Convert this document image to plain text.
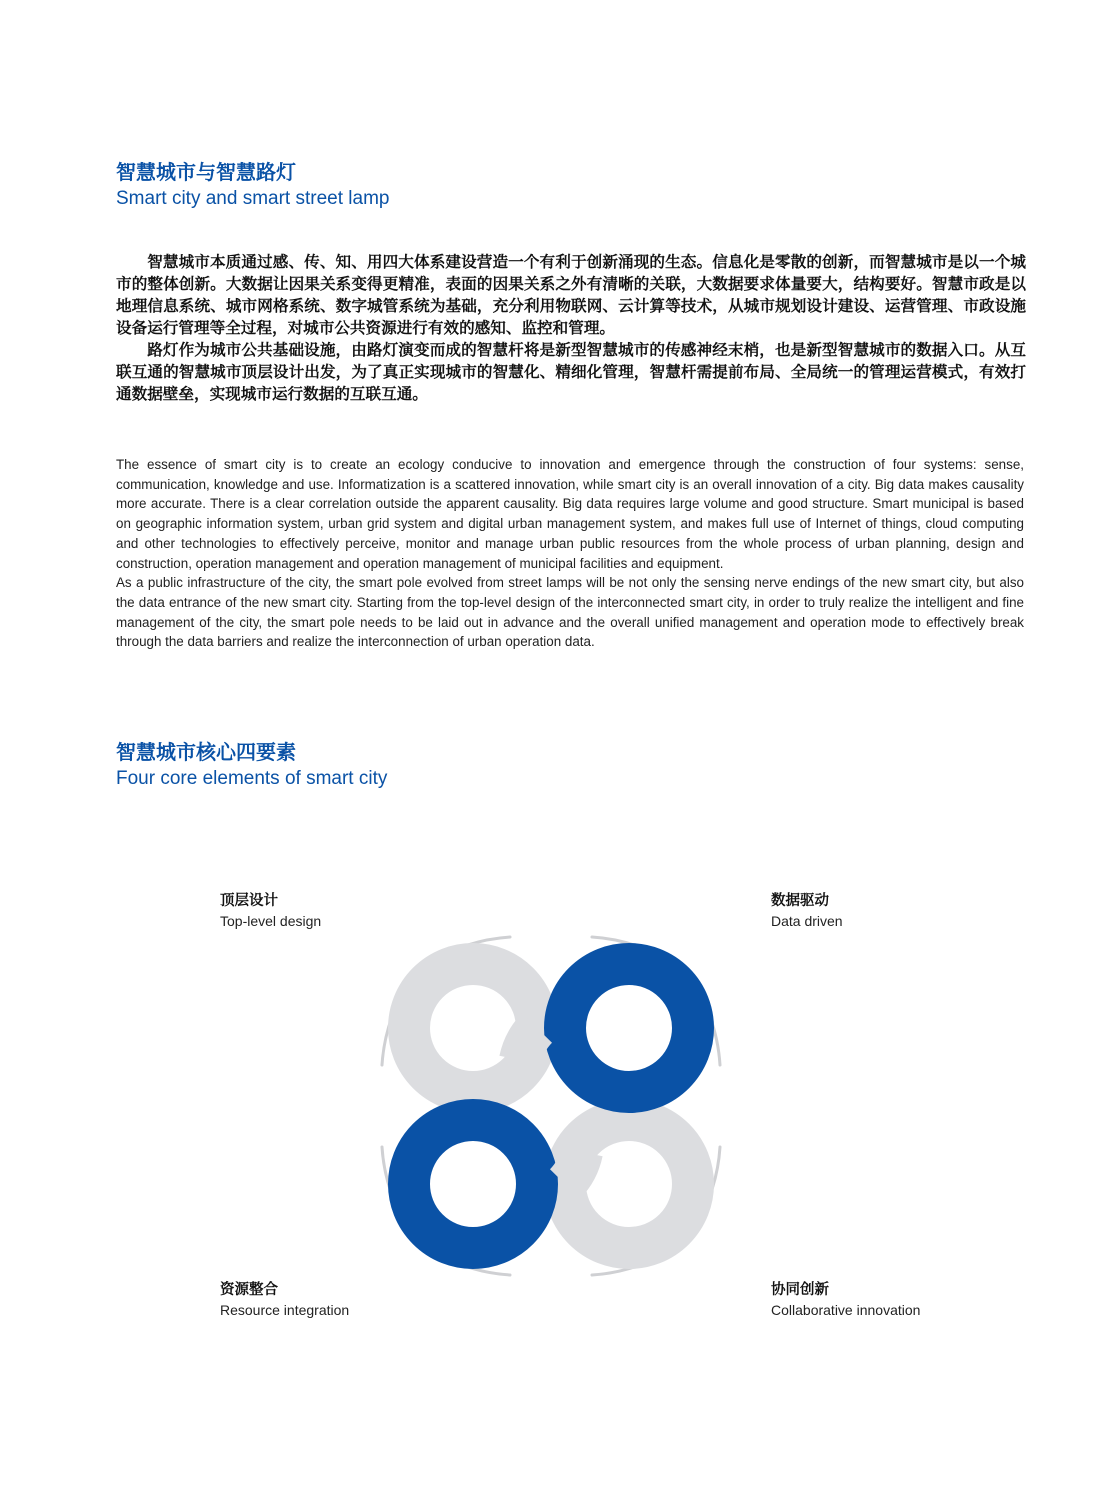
智慧城市与智慧路灯
Smart city and smart street lamp

智慧城市本质通过感、传、知、用四大体系建设营造一个有利于创新涌现的生态。信息化是零散的创新，而智慧城市是以一个城市的整体创新。大数据让因果关系变得更精准，表面的因果关系之外有清晰的关联，大数据要求体量要大，结构要好。智慧市政是以地理信息系统、城市网格系统、数字城管系统为基础，充分利用物联网、云计算等技术，从城市规划设计建设、运营管理、市政设施设备运行管理等全过程，对城市公共资源进行有效的感知、监控和管理。

路灯作为城市公共基础设施，由路灯演变而成的智慧杆将是新型智慧城市的传感神经末梢，也是新型智慧城市的数据入口。从互联互通的智慧城市顶层设计出发，为了真正实现城市的智慧化、精细化管理，智慧杆需提前布局、全局统一的管理运营模式，有效打通数据壁垒，实现城市运行数据的互联互通。

The essence of smart city is to create an ecology conducive to innovation and emergence through the construction of four systems: sense, communication, knowledge and use. Informatization is a scattered innovation, while smart city is an overall innovation of a city. Big data makes causality more accurate. There is a clear correlation outside the apparent causality. Big data requires large volume and good structure. Smart municipal is based on geographic information system, urban grid system and digital urban management system, and makes full use of Internet of things, cloud computing and other technologies to effectively perceive, monitor and manage urban public resources from the whole process of urban planning, design and construction, operation management and operation management of municipal facilities and equipment.

As a public infrastructure of the city, the smart pole evolved from street lamps will be not only the sensing nerve endings of the new smart city, but also the data entrance of the new smart city. Starting from the top-level design of the interconnected smart city, in order to truly realize the intelligent and fine management of the city, the smart pole needs to be laid out in advance and the overall unified management and operation mode to effectively break through the data barriers and realize the interconnection of urban operation data.

智慧城市核心四要素
Four core elements of smart city
顶层设计
Top-level design
数据驱动
Data driven
资源整合
Resource integration
协同创新
Collaborative innovation
